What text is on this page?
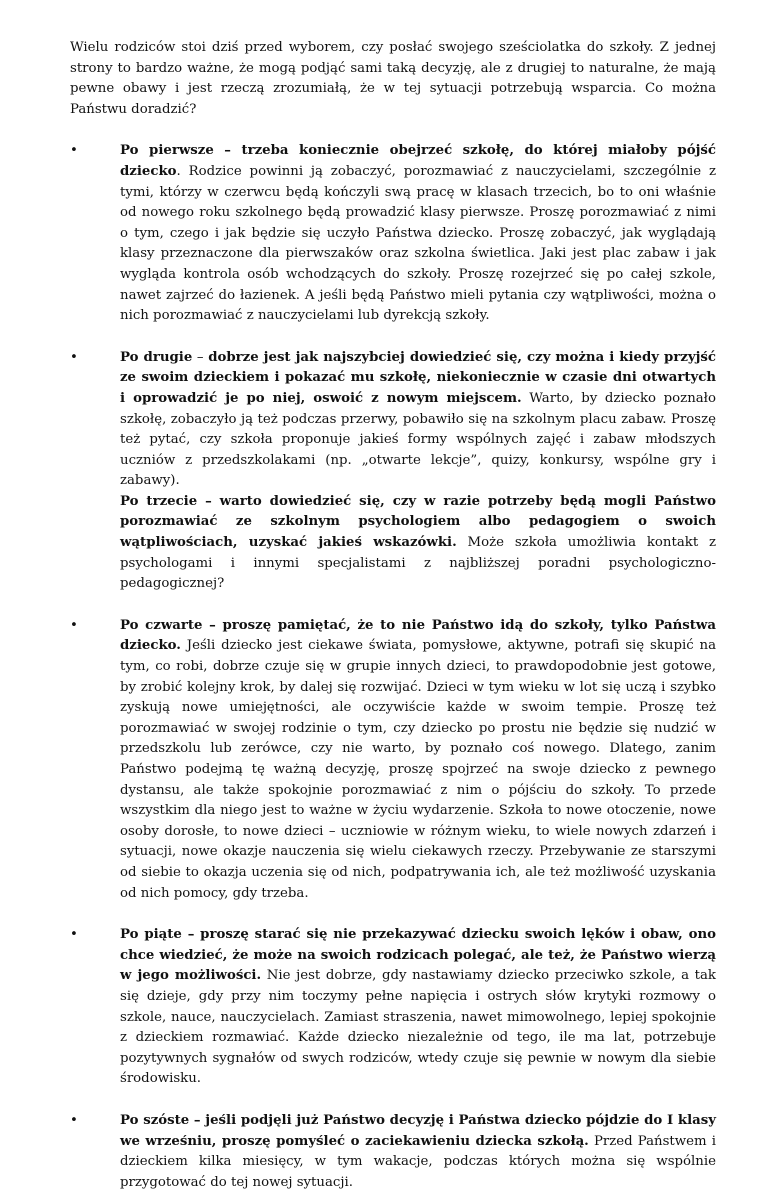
Wielu rodziców stoi dziś przed wyborem, czy posłać swojego sześciolatka do szkoły. Z jednej strony to bardzo ważne, że mogą podjąć sami taką decyzję, ale z drugiej to naturalne, że mają pewne obawy i jest rzeczą zrozumiałą, że w tej sytuacji potrzebują wsparcia. Co można Państwu doradzić?

•	Po pierwsze – trzeba koniecznie obejrzeć szkołę, do której miałoby pójść dziecko. Rodzice powinni ją zobaczyć, porozmawiać z nauczycielami, szczególnie z tymi, którzy w czerwcu będą kończyli swą pracę w klasach trzecich, bo to oni właśnie od nowego roku szkolnego będą prowadzić klasy pierwsze. Proszę porozmawiać z nimi o tym, czego i jak będzie się uczyło Państwa dziecko. Proszę zobaczyć, jak wyglądają klasy przeznaczone dla pierwszaków oraz szkolna świetlica. Jaki jest plac zabaw i jak wygląda kontrola osób wchodzących do szkoły. Proszę rozejrzeć się po całej szkole, nawet zajrzeć do łazienek. A jeśli będą Państwo mieli pytania czy wątpliwości, można o nich porozmawiać z nauczycielami lub dyrekcją szkoły.
•	Po drugie – dobrze jest jak najszybciej dowiedzieć się, czy można i kiedy przyjść ze swoim dzieckiem i pokazać mu szkołę, niekoniecznie w czasie dni otwartych i oprowadzić je po niej, oswoić z nowym miejscem. Warto, by dziecko poznało szkołę, zobaczyło ją też podczas przerwy, pobawiło się na szkolnym placu zabaw. Proszę też pytać, czy szkoła proponuje jakieś formy wspólnych zajęć i zabaw młodszych uczniów z przedszkolakami (np. „otwarte lekcje”, quizy, konkursy, wspólne gry i zabawy).
Po trzecie – warto dowiedzieć się, czy w razie potrzeby będą mogli Państwo porozmawiać ze szkolnym psychologiem albo pedagogiem o swoich wątpliwościach, uzyskać jakieś wskazówki. Może szkoła umożliwia kontakt z psychologami i innymi specjalistami z najbliższej poradni psychologiczno-pedagogicznej?
•	Po czwarte – proszę pamiętać, że to nie Państwo idą do szkoły, tylko Państwa dziecko. Jeśli dziecko jest ciekawe świata, pomysłowe, aktywne, potrafi się skupić na tym, co robi, dobrze czuje się w grupie innych dzieci, to prawdopodobnie jest gotowe, by zrobić kolejny krok, by dalej się rozwijać. Dzieci w tym wieku w lot się uczą i szybko zyskują nowe umiejętności, ale oczywiście każde w swoim tempie. Proszę też porozmawiać w swojej rodzinie o tym, czy dziecko po prostu nie będzie się nudzić w przedszkolu lub zerówce, czy nie warto, by poznało coś nowego. Dlatego, zanim Państwo podejmą tę ważną decyzję, proszę spojrzeć na swoje dziecko z pewnego dystansu, ale także spokojnie porozmawiać z nim o pójściu do szkoły. To przede wszystkim dla niego jest to ważne w życiu wydarzenie. Szkoła to nowe otoczenie, nowe osoby dorosłe, to nowe dzieci – uczniowie w różnym wieku, to wiele nowych zdarzeń i sytuacji, nowe okazje nauczenia się wielu ciekawych rzeczy. Przebywanie ze starszymi od siebie to okazja uczenia się od nich, podpatrywania ich, ale też możliwość uzyskania od nich pomocy, gdy trzeba.
•	Po piąte – proszę starać się nie przekazywać dziecku swoich lęków i obaw, ono chce wiedzieć, że może na swoich rodzicach polegać, ale też, że Państwo wierzą w jego możliwości. Nie jest dobrze, gdy nastawiamy dziecko przeciwko szkole, a tak się dzieje, gdy przy nim toczymy pełne napięcia i ostrych słów krytyki rozmowy o szkole, nauce, nauczycielach. Zamiast straszenia, nawet mimowolnego, lepiej spokojnie z dzieckiem rozmawiać. Każde dziecko niezależnie od tego, ile ma lat, potrzebuje pozytywnych sygnałów od swych rodziców, wtedy czuje się pewnie w nowym dla siebie środowisku.
•	Po szóste – jeśli podjęli już Państwo decyzję i Państwa dziecko pójdzie do I klasy we wrześniu, proszę pomyśleć o zaciekawieniu dziecka szkołą. Przed Państwem i dzieckiem kilka miesięcy, w tym wakacje, podczas których można się wspólnie przygotować do tej nowej sytuacji.
